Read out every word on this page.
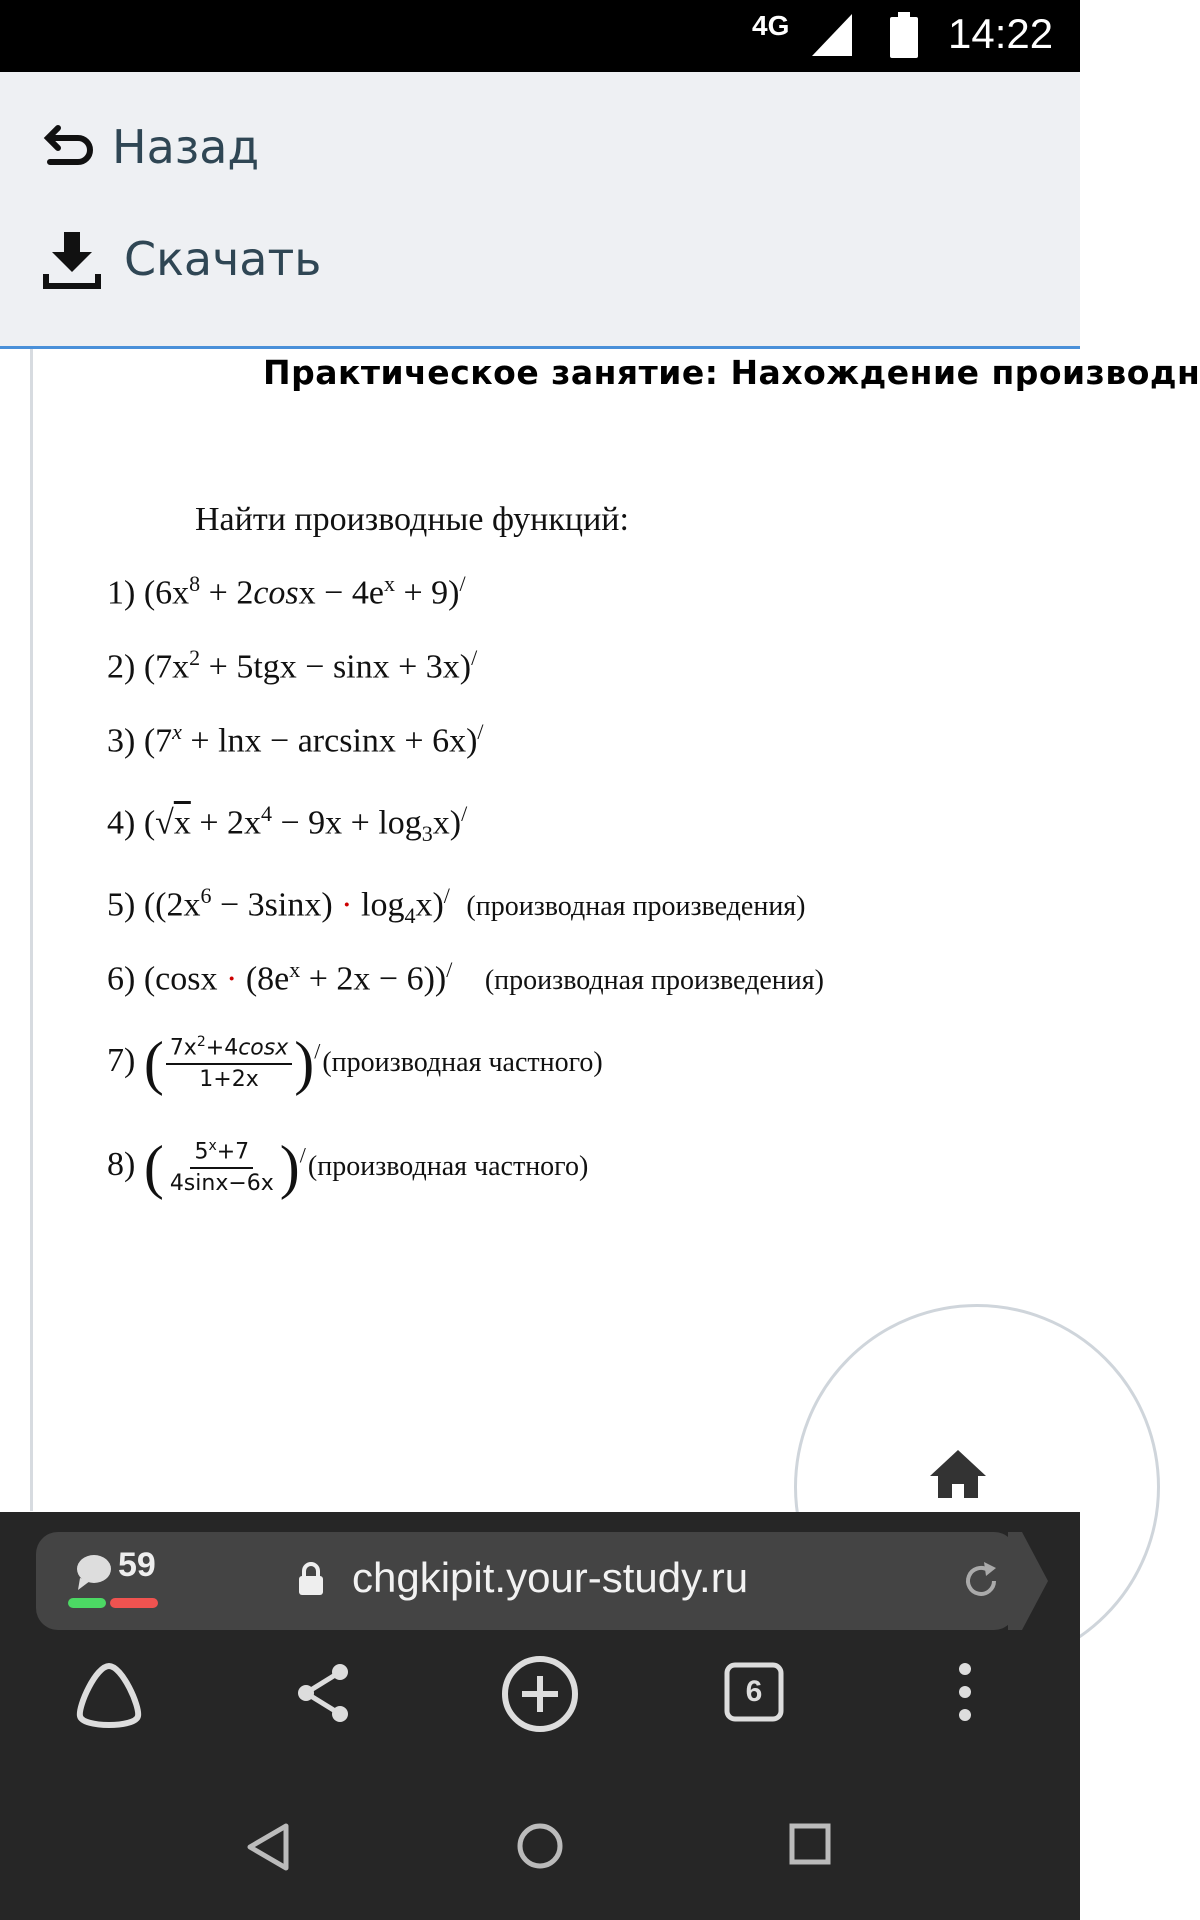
4G	14:22
Назад
Скачать
Практическое занятие: Нахождение производн
Найти производные функций:
1) $(6x^8 + 2\cos x - 4e^x + 9)^/$
2) $(7x^2 + 5tgx - \sin x + 3x)^/$
3) $(7^x + \ln x - \arcsin x + 6x)^/$
4) $(√x + 2x^4 - 9x + \log_3x)^/$
5) $((2x^6 - 3\sin x) \cdot \log_4x)^/$ (производная произведения)
6) $(\cos x \cdot (8e^x + 2x - 6))^/$ (производная произведения)
7) ( $\frac{7x^2+4\cos x}{1+2x}$ )/(производная частного)
8) ( $\frac{5^x+7}{4\sin x-6x}$ )/(производная частного)
59	chgkipit.your-study.ru
6
